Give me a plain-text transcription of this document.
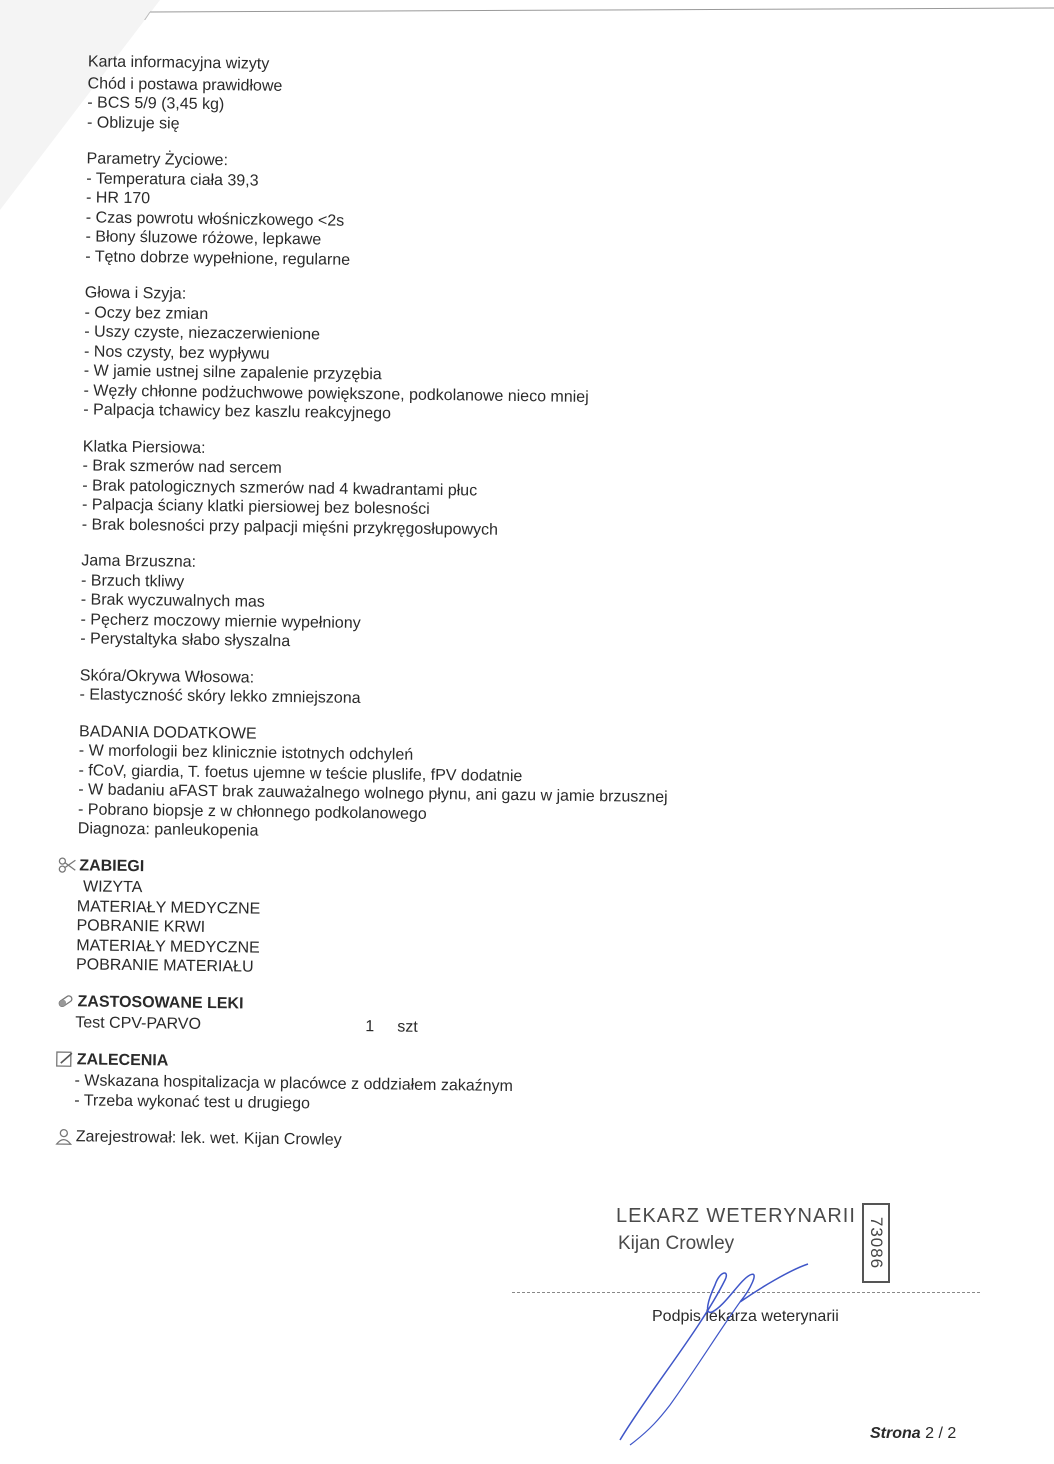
Karta informacyjna wizyty
Chód i postawa prawidłowe
- BCS 5/9 (3,45 kg)
- Oblizuje się
Parametry Życiowe:
- Temperatura ciała 39,3
- HR 170
- Czas powrotu włośniczkowego <2s
- Błony śluzowe różowe, lepkawe
- Tętno dobrze wypełnione, regularne
Głowa i Szyja:
- Oczy bez zmian
- Uszy czyste, niezaczerwienione
- Nos czysty, bez wypływu
- W jamie ustnej silne zapalenie przyzębia
- Węzły chłonne podżuchwowe powiększone, podkolanowe nieco mniej
- Palpacja tchawicy bez kaszlu reakcyjnego
Klatka Piersiowa:
- Brak szmerów nad sercem
- Brak patologicznych szmerów nad 4 kwadrantami płuc
- Palpacja ściany klatki piersiowej bez bolesności
- Brak bolesności przy palpacji mięśni przykręgosłupowych
Jama Brzuszna:
- Brzuch tkliwy
- Brak wyczuwalnych mas
- Pęcherz moczowy miernie wypełniony
- Perystaltyka słabo słyszalna
Skóra/Okrywa Włosowa:
- Elastyczność skóry lekko zmniejszona
BADANIA DODATKOWE
- W morfologii bez klinicznie istotnych odchyleń
- fCoV, giardia, T. foetus ujemne w teście pluslife, fPV dodatnie
- W badaniu aFAST brak zauważalnego wolnego płynu, ani gazu w jamie brzusznej
- Pobrano biopsje z w chłonnego podkolanowego
Diagnoza: panleukopenia
ZABIEGI
WIZYTA
MATERIAŁY MEDYCZNE
POBRANIE KRWI
MATERIAŁY MEDYCZNE
POBRANIE MATERIAŁU
ZASTOSOWANE LEKI
Test CPV-PARVO	1	szt
ZALECENIA
- Wskazana hospitalizacja w placówce z oddziałem zakaźnym
- Trzeba wykonać test u drugiego
Zarejestrował: lek. wet. Kijan Crowley
LEKARZ WETERYNARII
Kijan Crowley	73086
Podpis lekarza weterynarii
Strona 2 / 2
